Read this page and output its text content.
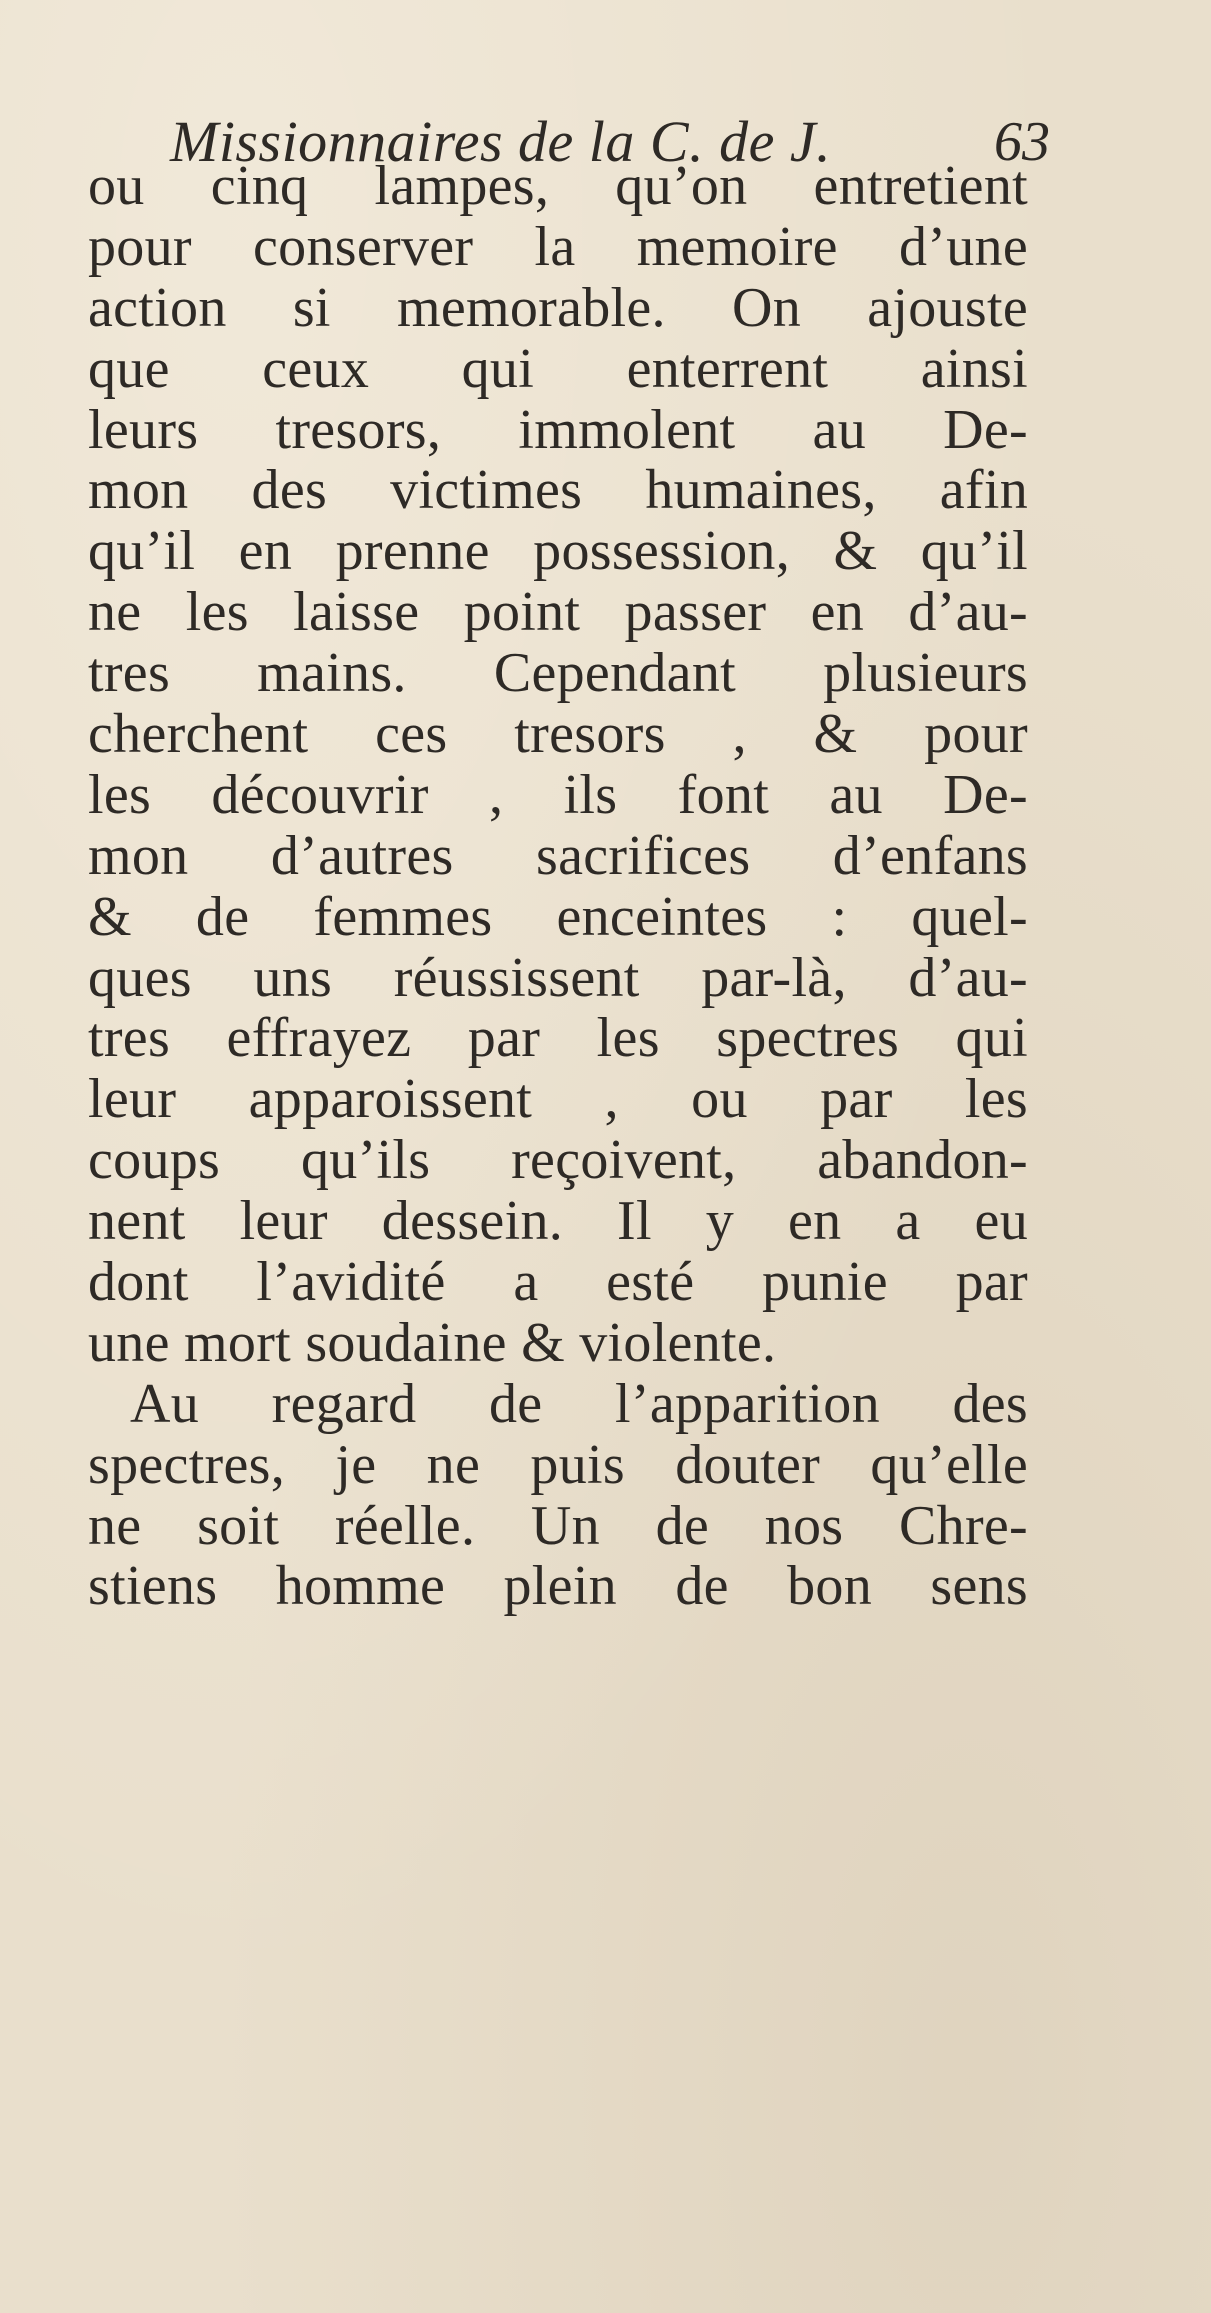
Missionnaires de la C. de J.	63
ou cinq lampes, qu’on entretient
pour conserver la memoire d’une
action si memorable. On ajouste
que ceux qui enterrent ainsi
leurs tresors, immolent au De-
mon des victimes humaines, afin
qu’il en prenne possession, & qu’il
ne les laisse point passer en d’au-
tres mains. Cependant plusieurs
cherchent ces tresors , & pour
les découvrir , ils font au De-
mon d’autres sacrifices d’enfans
& de femmes enceintes : quel-
ques uns réussissent par-là, d’au-
tres effrayez par les spectres qui
leur apparoissent , ou par les
coups qu’ils reçoivent, abandon-
nent leur dessein. Il y en a eu
dont l’avidité a esté punie par
une mort soudaine & violente.
Au regard de l’apparition des
spectres, je ne puis douter qu’elle
ne soit réelle. Un de nos Chre-
stiens homme plein de bon sens
